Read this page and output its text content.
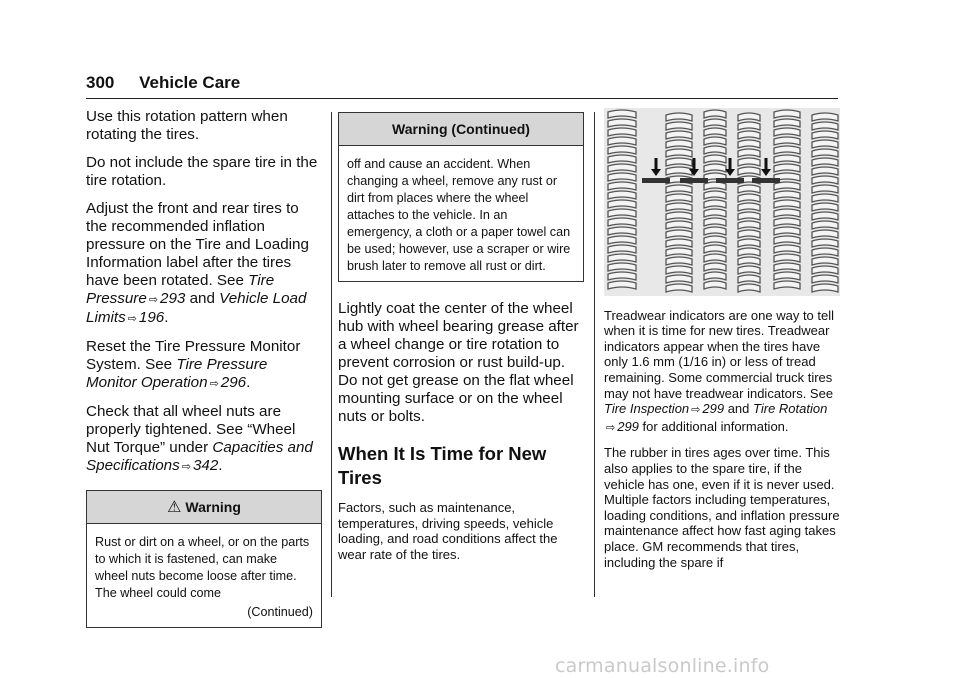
300 Vehicle Care

Use this rotation pattern when rotating the tires.

Do not include the spare tire in the tire rotation.

Adjust the front and rear tires to the recommended inflation pressure on the Tire and Loading Information label after the tires have been rotated. See Tire Pressure ⇨ 293 and Vehicle Load Limits ⇨ 196.

Reset the Tire Pressure Monitor System. See Tire Pressure Monitor Operation ⇨ 296.

Check that all wheel nuts are properly tightened. See “Wheel Nut Torque” under Capacities and Specifications ⇨ 342.

⚠ Warning
Rust or dirt on a wheel, or on the parts to which it is fastened, can make wheel nuts become loose after time. The wheel could come
(Continued)
Warning (Continued)
off and cause an accident. When changing a wheel, remove any rust or dirt from places where the wheel attaches to the vehicle. In an emergency, a cloth or a paper towel can be used; however, use a scraper or wire brush later to remove all rust or dirt.

Lightly coat the center of the wheel hub with wheel bearing grease after a wheel change or tire rotation to prevent corrosion or rust build-up. Do not get grease on the flat wheel mounting surface or on the wheel nuts or bolts.

When It Is Time for New Tires

Factors, such as maintenance, temperatures, driving speeds, vehicle loading, and road conditions affect the wear rate of the tires.

Treadwear indicators are one way to tell when it is time for new tires. Treadwear indicators appear when the tires have only 1.6 mm (1/16 in) or less of tread remaining. Some commercial truck tires may not have treadwear indicators. See Tire Inspection ⇨ 299 and Tire Rotation ⇨ 299 for additional information.

The rubber in tires ages over time. This also applies to the spare tire, if the vehicle has one, even if it is never used. Multiple factors including temperatures, loading conditions, and inflation pressure maintenance affect how fast aging takes place. GM recommends that tires, including the spare if

carmanualsonline.info
